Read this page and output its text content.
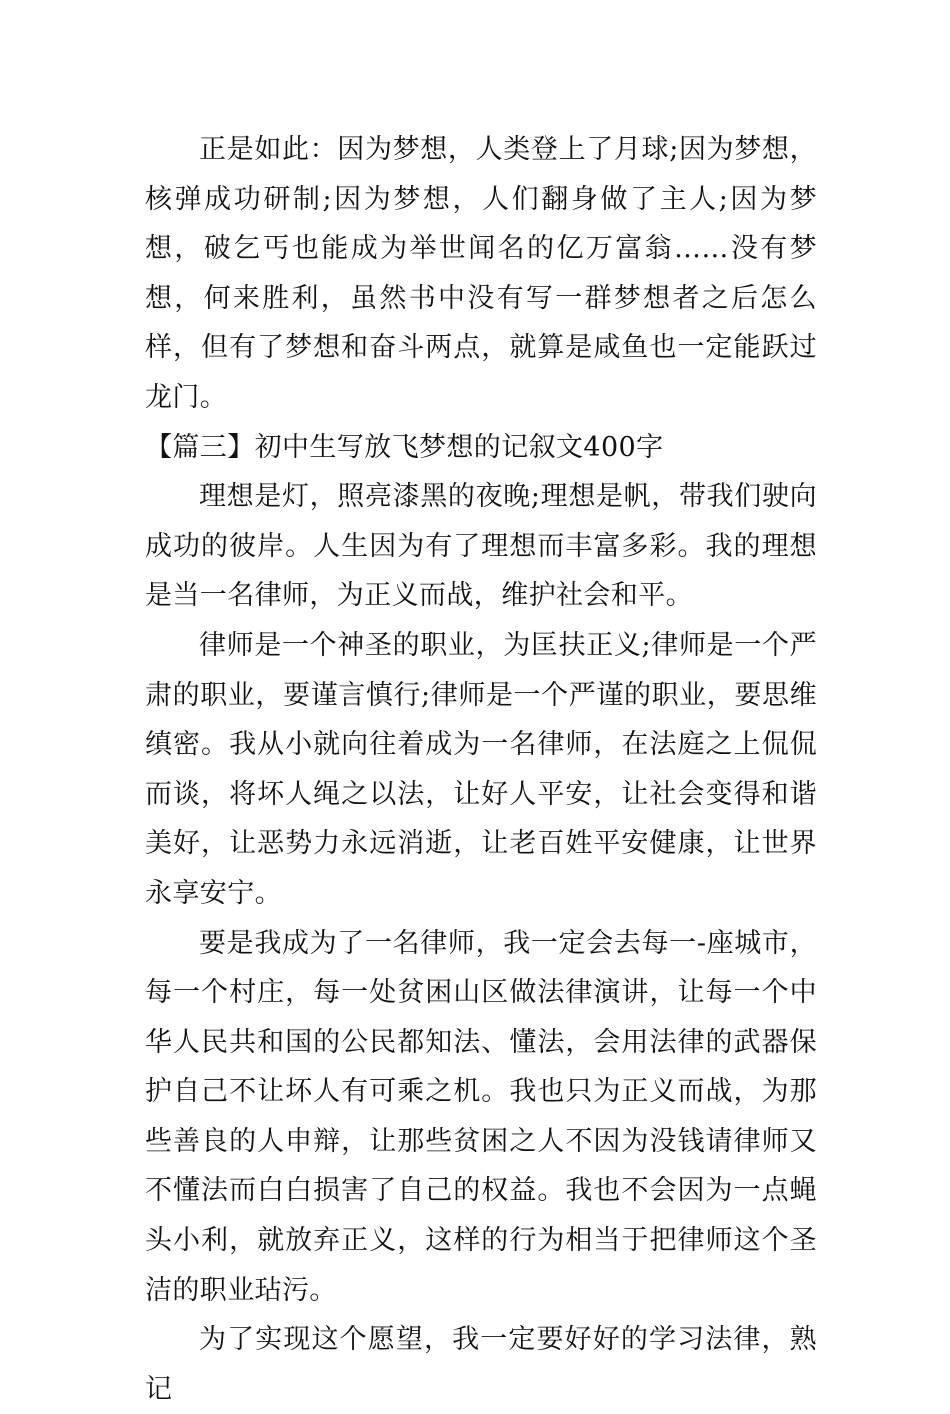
正是如此：因为梦想，人类登上了月球;因为梦想，核弹成功研制;因为梦想，人们翻身做了主人;因为梦想，破乞丐也能成为举世闻名的亿万富翁……没有梦想，何来胜利，虽然书中没有写一群梦想者之后怎么样，但有了梦想和奋斗两点，就算是咸鱼也一定能跃过龙门。

【篇三】初中生写放飞梦想的记叙文400字

理想是灯，照亮漆黑的夜晚;理想是帆，带我们驶向成功的彼岸。人生因为有了理想而丰富多彩。我的理想是当一名律师，为正义而战，维护社会和平。

律师是一个神圣的职业，为匡扶正义;律师是一个严肃的职业，要谨言慎行;律师是一个严谨的职业，要思维缜密。我从小就向往着成为一名律师，在法庭之上侃侃而谈，将坏人绳之以法，让好人平安，让社会变得和谐美好，让恶势力永远消逝，让老百姓平安健康，让世界永享安宁。

要是我成为了一名律师，我一定会去每一-座城市，每一个村庄，每一处贫困山区做法律演讲，让每一个中华人民共和国的公民都知法、懂法，会用法律的武器保护自己不让坏人有可乘之机。我也只为正义而战，为那些善良的人申辩，让那些贫困之人不因为没钱请律师又不懂法而白白损害了自己的权益。我也不会因为一点蝇头小利，就放弃正义，这样的行为相当于把律师这个圣洁的职业玷污。

为了实现这个愿望，我一定要好好的学习法律，熟记
